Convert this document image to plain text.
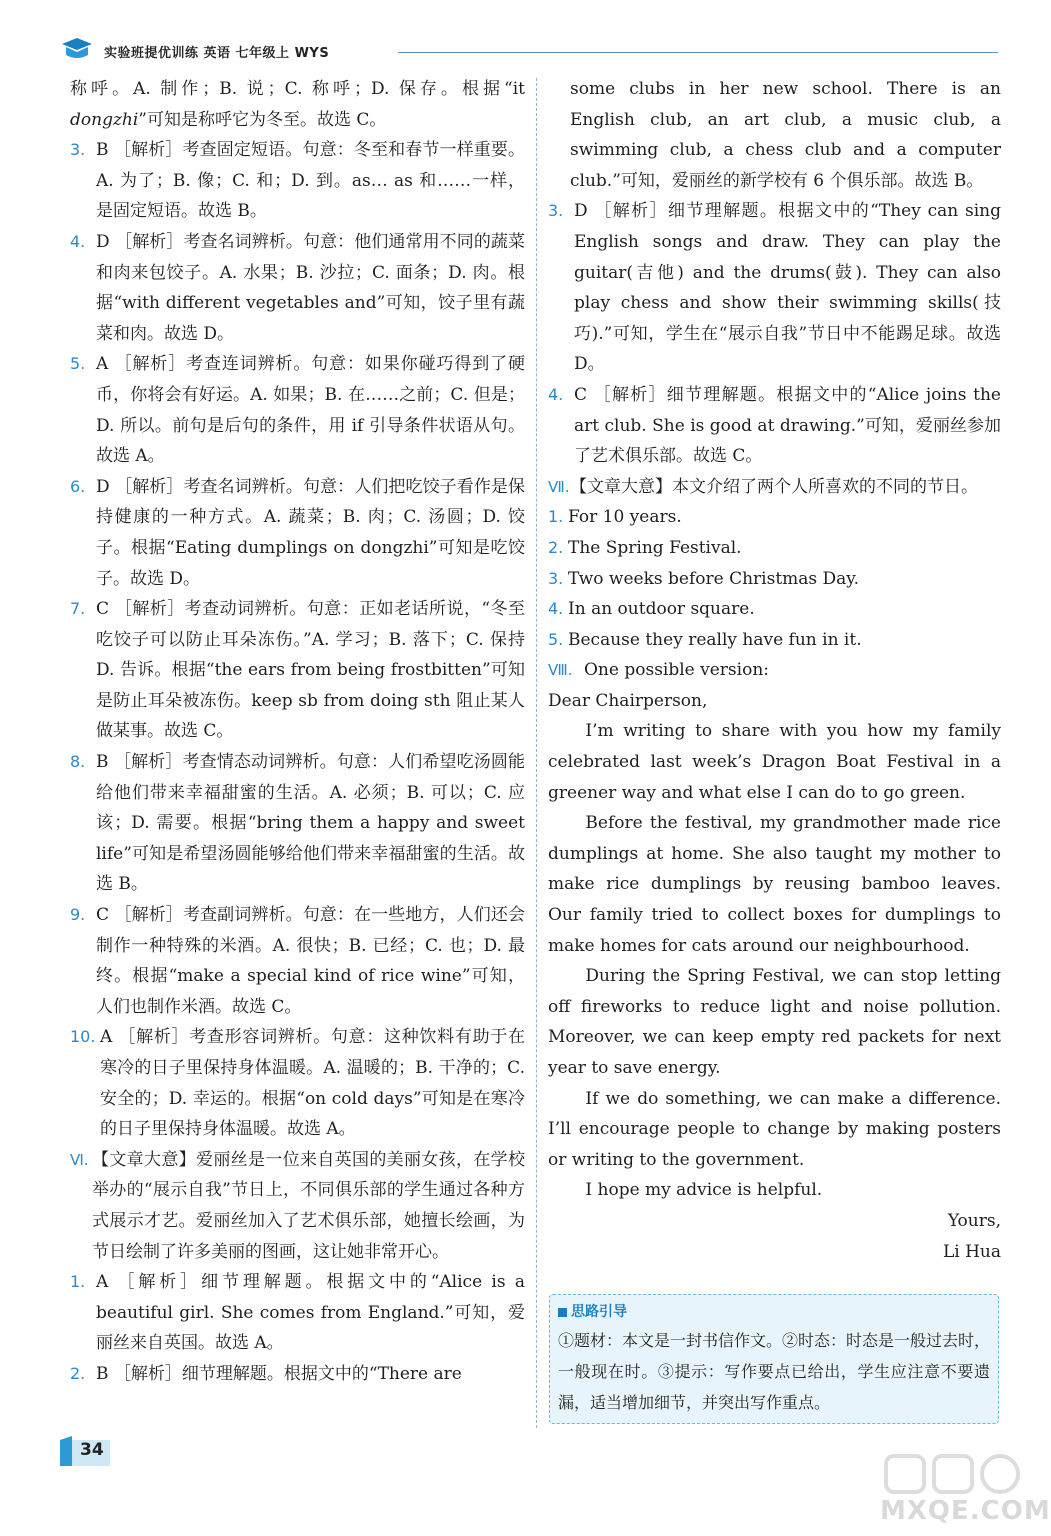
实验班提优训练 英语 七年级上 WYS
称呼。A. 制作；B. 说；C. 称呼；D. 保存。根据“it dongzhi”可知是称呼它为冬至。故选 C。
3. B ［解析］考查固定短语。句意：冬至和春节一样重要。A. 为了；B. 像；C. 和；D. 到。as… as 和……一样，是固定短语。故选 B。
4. D ［解析］考查名词辨析。句意：他们通常用不同的蔬菜和肉来包饺子。A. 水果；B. 沙拉；C. 面条；D. 肉。根据“with different vegetables and”可知，饺子里有蔬菜和肉。故选 D。
5. A ［解析］考查连词辨析。句意：如果你碰巧得到了硬币，你将会有好运。A. 如果；B. 在……之前；C. 但是；D. 所以。前句是后句的条件，用 if 引导条件状语从句。故选 A。
6. D ［解析］考查名词辨析。句意：人们把吃饺子看作是保持健康的一种方式。A. 蔬菜；B. 肉；C. 汤圆；D. 饺子。根据“Eating dumplings on dongzhi”可知是吃饺子。故选 D。
7. C ［解析］考查动词辨析。句意：正如老话所说，“冬至吃饺子可以防止耳朵冻伤。”A. 学习；B. 落下；C. 保持 D. 告诉。根据“the ears from being frostbitten”可知是防止耳朵被冻伤。keep sb from doing sth 阻止某人做某事。故选 C。
8. B ［解析］考查情态动词辨析。句意：人们希望吃汤圆能给他们带来幸福甜蜜的生活。A. 必须；B. 可以；C. 应该；D. 需要。根据“bring them a happy and sweet life”可知是希望汤圆能够给他们带来幸福甜蜜的生活。故选 B。
9. C ［解析］考查副词辨析。句意：在一些地方，人们还会制作一种特殊的米酒。A. 很快；B. 已经；C. 也；D. 最终。根据“make a special kind of rice wine”可知，人们也制作米酒。故选 C。
10. A ［解析］考查形容词辨析。句意：这种饮料有助于在寒冷的日子里保持身体温暖。A. 温暖的；B. 干净的；C. 安全的；D. 幸运的。根据“on cold days”可知是在寒冷的日子里保持身体温暖。故选 A。
Ⅵ. 【文章大意】爱丽丝是一位来自英国的美丽女孩，在学校举办的“展示自我”节日上，不同俱乐部的学生通过各种方式展示才艺。爱丽丝加入了艺术俱乐部，她擅长绘画，为节日绘制了许多美丽的图画，这让她非常开心。
1. A ［解析］细节理解题。根据文中的“Alice is a beautiful girl. She comes from England.”可知，爱丽丝来自英国。故选 A。
2. B ［解析］细节理解题。根据文中的“There are
some clubs in her new school. There is an English club, an art club, a music club, a swimming club, a chess club and a computer club.”可知，爱丽丝的新学校有 6 个俱乐部。故选 B。
3. D ［解析］细节理解题。根据文中的“They can sing English songs and draw. They can play the guitar(吉他) and the drums(鼓). They can also play chess and show their swimming skills(技巧).”可知，学生在“展示自我”节日中不能踢足球。故选 D。
4. C ［解析］细节理解题。根据文中的“Alice joins the art club. She is good at drawing.”可知，爱丽丝参加了艺术俱乐部。故选 C。
Ⅶ. 【文章大意】本文介绍了两个人所喜欢的不同的节日。
1. For 10 years.
2. The Spring Festival.
3. Two weeks before Christmas Day.
4. In an outdoor square.
5. Because they really have fun in it.
Ⅷ. One possible version:
Dear Chairperson,
I’m writing to share with you how my family celebrated last week’s Dragon Boat Festival in a greener way and what else I can do to go green.
Before the festival, my grandmother made rice dumplings at home. She also taught my mother to make rice dumplings by reusing bamboo leaves. Our family tried to collect boxes for dumplings to make homes for cats around our neighbourhood.
During the Spring Festival, we can stop letting off fireworks to reduce light and noise pollution. Moreover, we can keep empty red packets for next year to save energy.
If we do something, we can make a difference. I’ll encourage people to change by making posters or writing to the government.
I hope my advice is helpful.
Yours,
Li Hua
思路引导
①题材：本文是一封书信作文。②时态：时态是一般过去时，一般现在时。③提示：写作要点已给出，学生应注意不要遗漏，适当增加细节，并突出写作重点。
34
MXQE.COM
